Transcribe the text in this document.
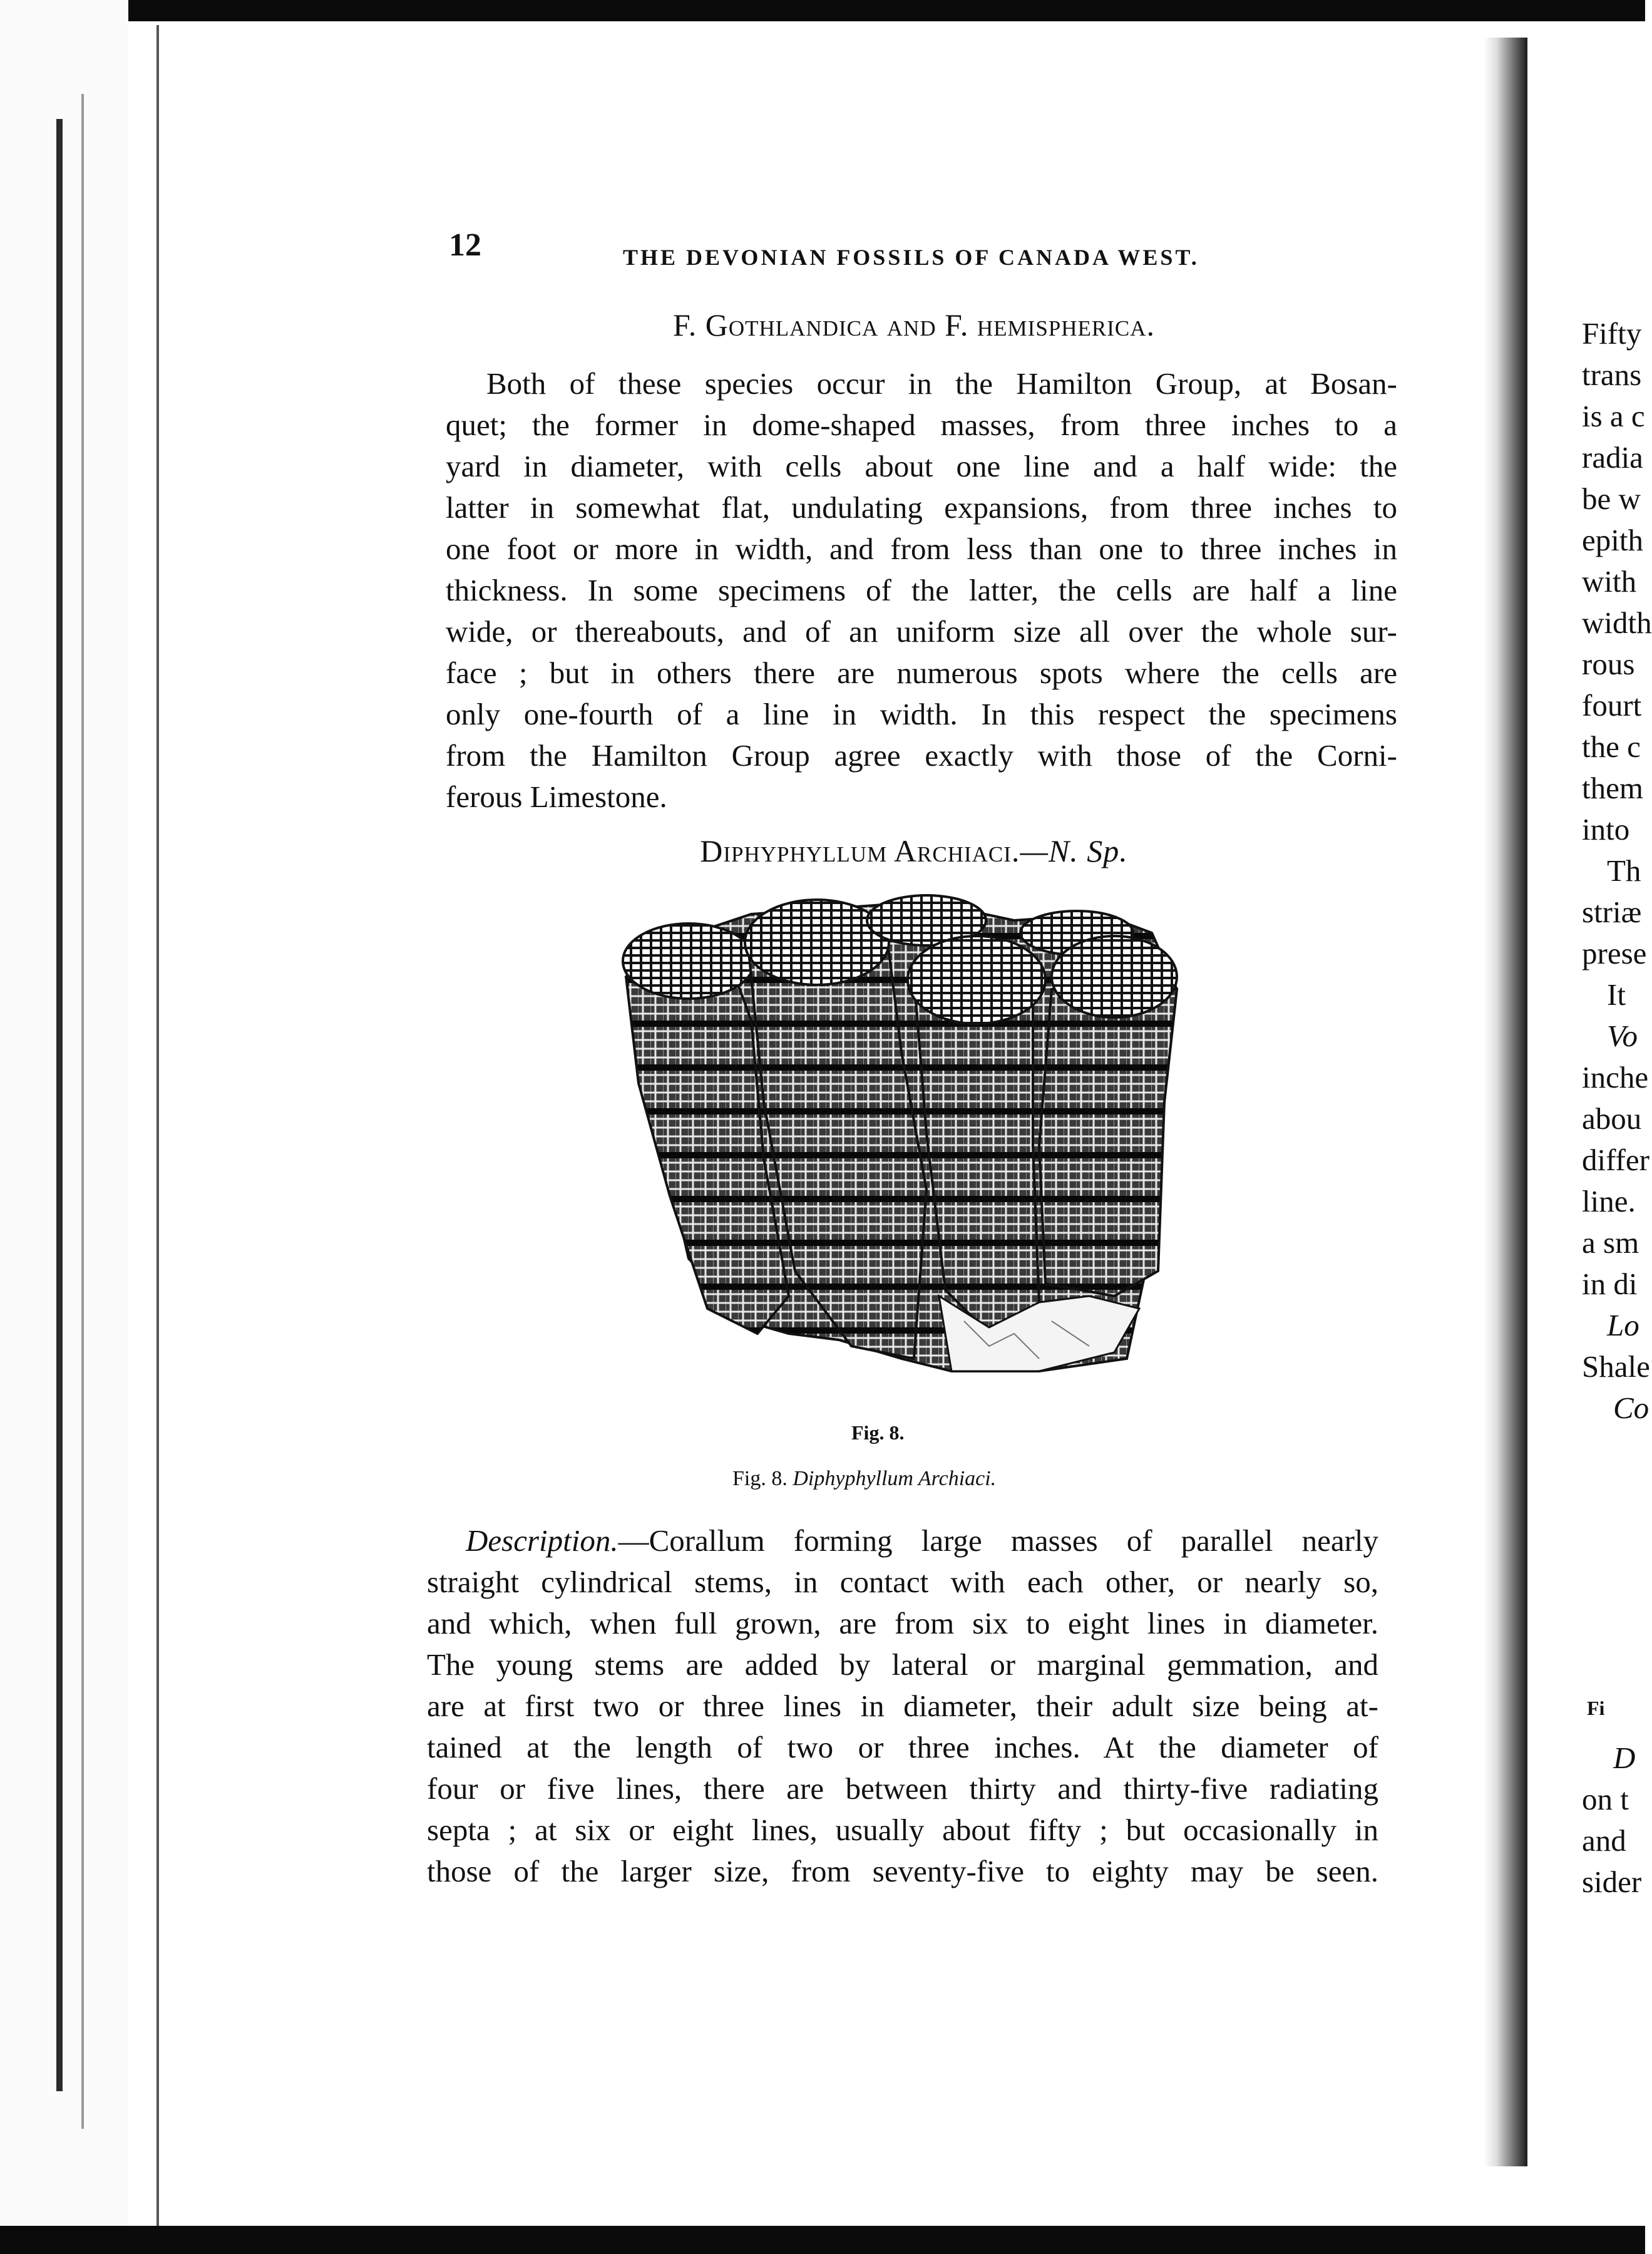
12	THE DEVONIAN FOSSILS OF CANADA WEST.
F. Gothlandica and F. hemispherica.

Both of these species occur in the Hamilton Group, at Bosan-

quet; the former in dome-shaped masses, from three inches to a

yard in diameter, with cells about one line and a half wide: the

latter in somewhat flat, undulating expansions, from three inches to

one foot or more in width, and from less than one to three inches in

thickness. In some specimens of the latter, the cells are half a line

wide, or thereabouts, and of an uniform size all over the whole sur-

face ; but in others there are numerous spots where the cells are

only one-fourth of a line in width. In this respect the specimens

from the Hamilton Group agree exactly with those of the Corni-

ferous Limestone.

Diphyphyllum Archiaci.—N. Sp.
Fig. 8.
Fig. 8. Diphyphyllum Archiaci.

Description.—Corallum forming large masses of parallel nearly

straight cylindrical stems, in contact with each other, or nearly so,

and which, when full grown, are from six to eight lines in diameter.

The young stems are added by lateral or marginal gemmation, and

are at first two or three lines in diameter, their adult size being at-

tained at the length of two or three inches. At the diameter of

four or five lines, there are between thirty and thirty-five radiating

septa ; at six or eight lines, usually about fifty ; but occasionally in

those of the larger size, from seventy-five to eighty may be seen.

Fifty

trans

is a c

radia

be w

epith

with

width

rous

fourt

the c

them

into

Th

striæ

prese

It

Vo

inche

abou

differ

line.

a sm

in di

Lo

Shale

Co

Fi

D

on t

and

sider
